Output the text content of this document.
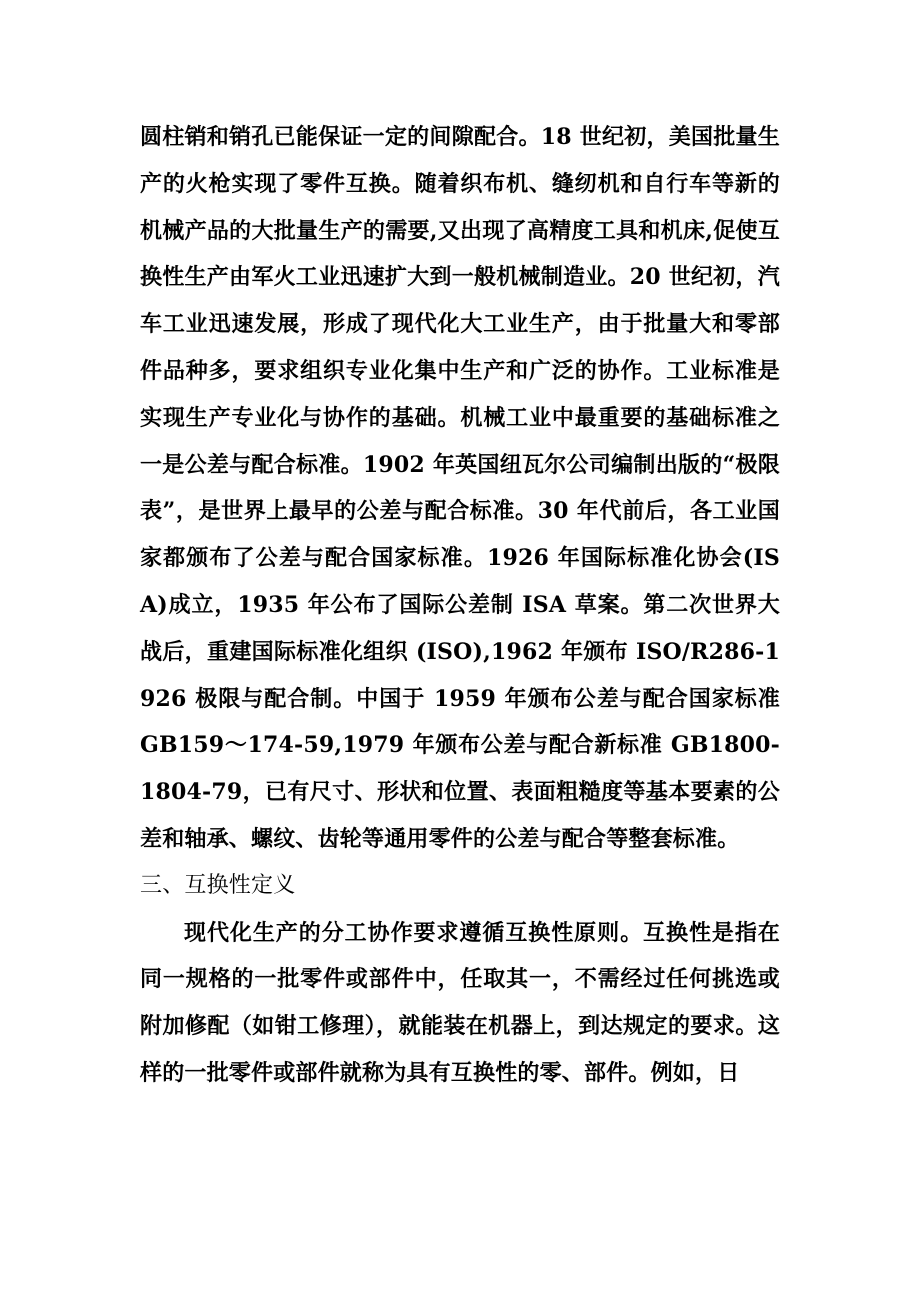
圆柱销和销孔已能保证一定的间隙配合。18 世纪初，美国批量生产的火枪实现了零件互换。随着织布机、缝纫机和自行车等新的机械产品的大批量生产的需要,又出现了高精度工具和机床,促使互换性生产由军火工业迅速扩大到一般机械制造业。20 世纪初，汽车工业迅速发展，形成了现代化大工业生产，由于批量大和零部件品种多，要求组织专业化集中生产和广泛的协作。工业标准是实现生产专业化与协作的基础。机械工业中最重要的基础标准之一是公差与配合标准。1902 年英国纽瓦尔公司编制出版的“极限表”，是世界上最早的公差与配合标准。30 年代前后，各工业国家都颁布了公差与配合国家标准。1926 年国际标准化协会(ISA)成立，1935 年公布了国际公差制 ISA 草案。第二次世界大战后，重建国际标准化组织 (ISO),1962 年颁布 ISO/R286-1926 极限与配合制。中国于 1959 年颁布公差与配合国家标准 GB159～174-59,1979 年颁布公差与配合新标准 GB1800-1804-79，已有尺寸、形状和位置、表面粗糙度等基本要素的公差和轴承、螺纹、齿轮等通用零件的公差与配合等整套标准。

三、互换性定义

现代化生产的分工协作要求遵循互换性原则。互换性是指在同一规格的一批零件或部件中，任取其一，不需经过任何挑选或附加修配（如钳工修理），就能装在机器上，到达规定的要求。这样的一批零件或部件就称为具有互换性的零、部件。例如，日
